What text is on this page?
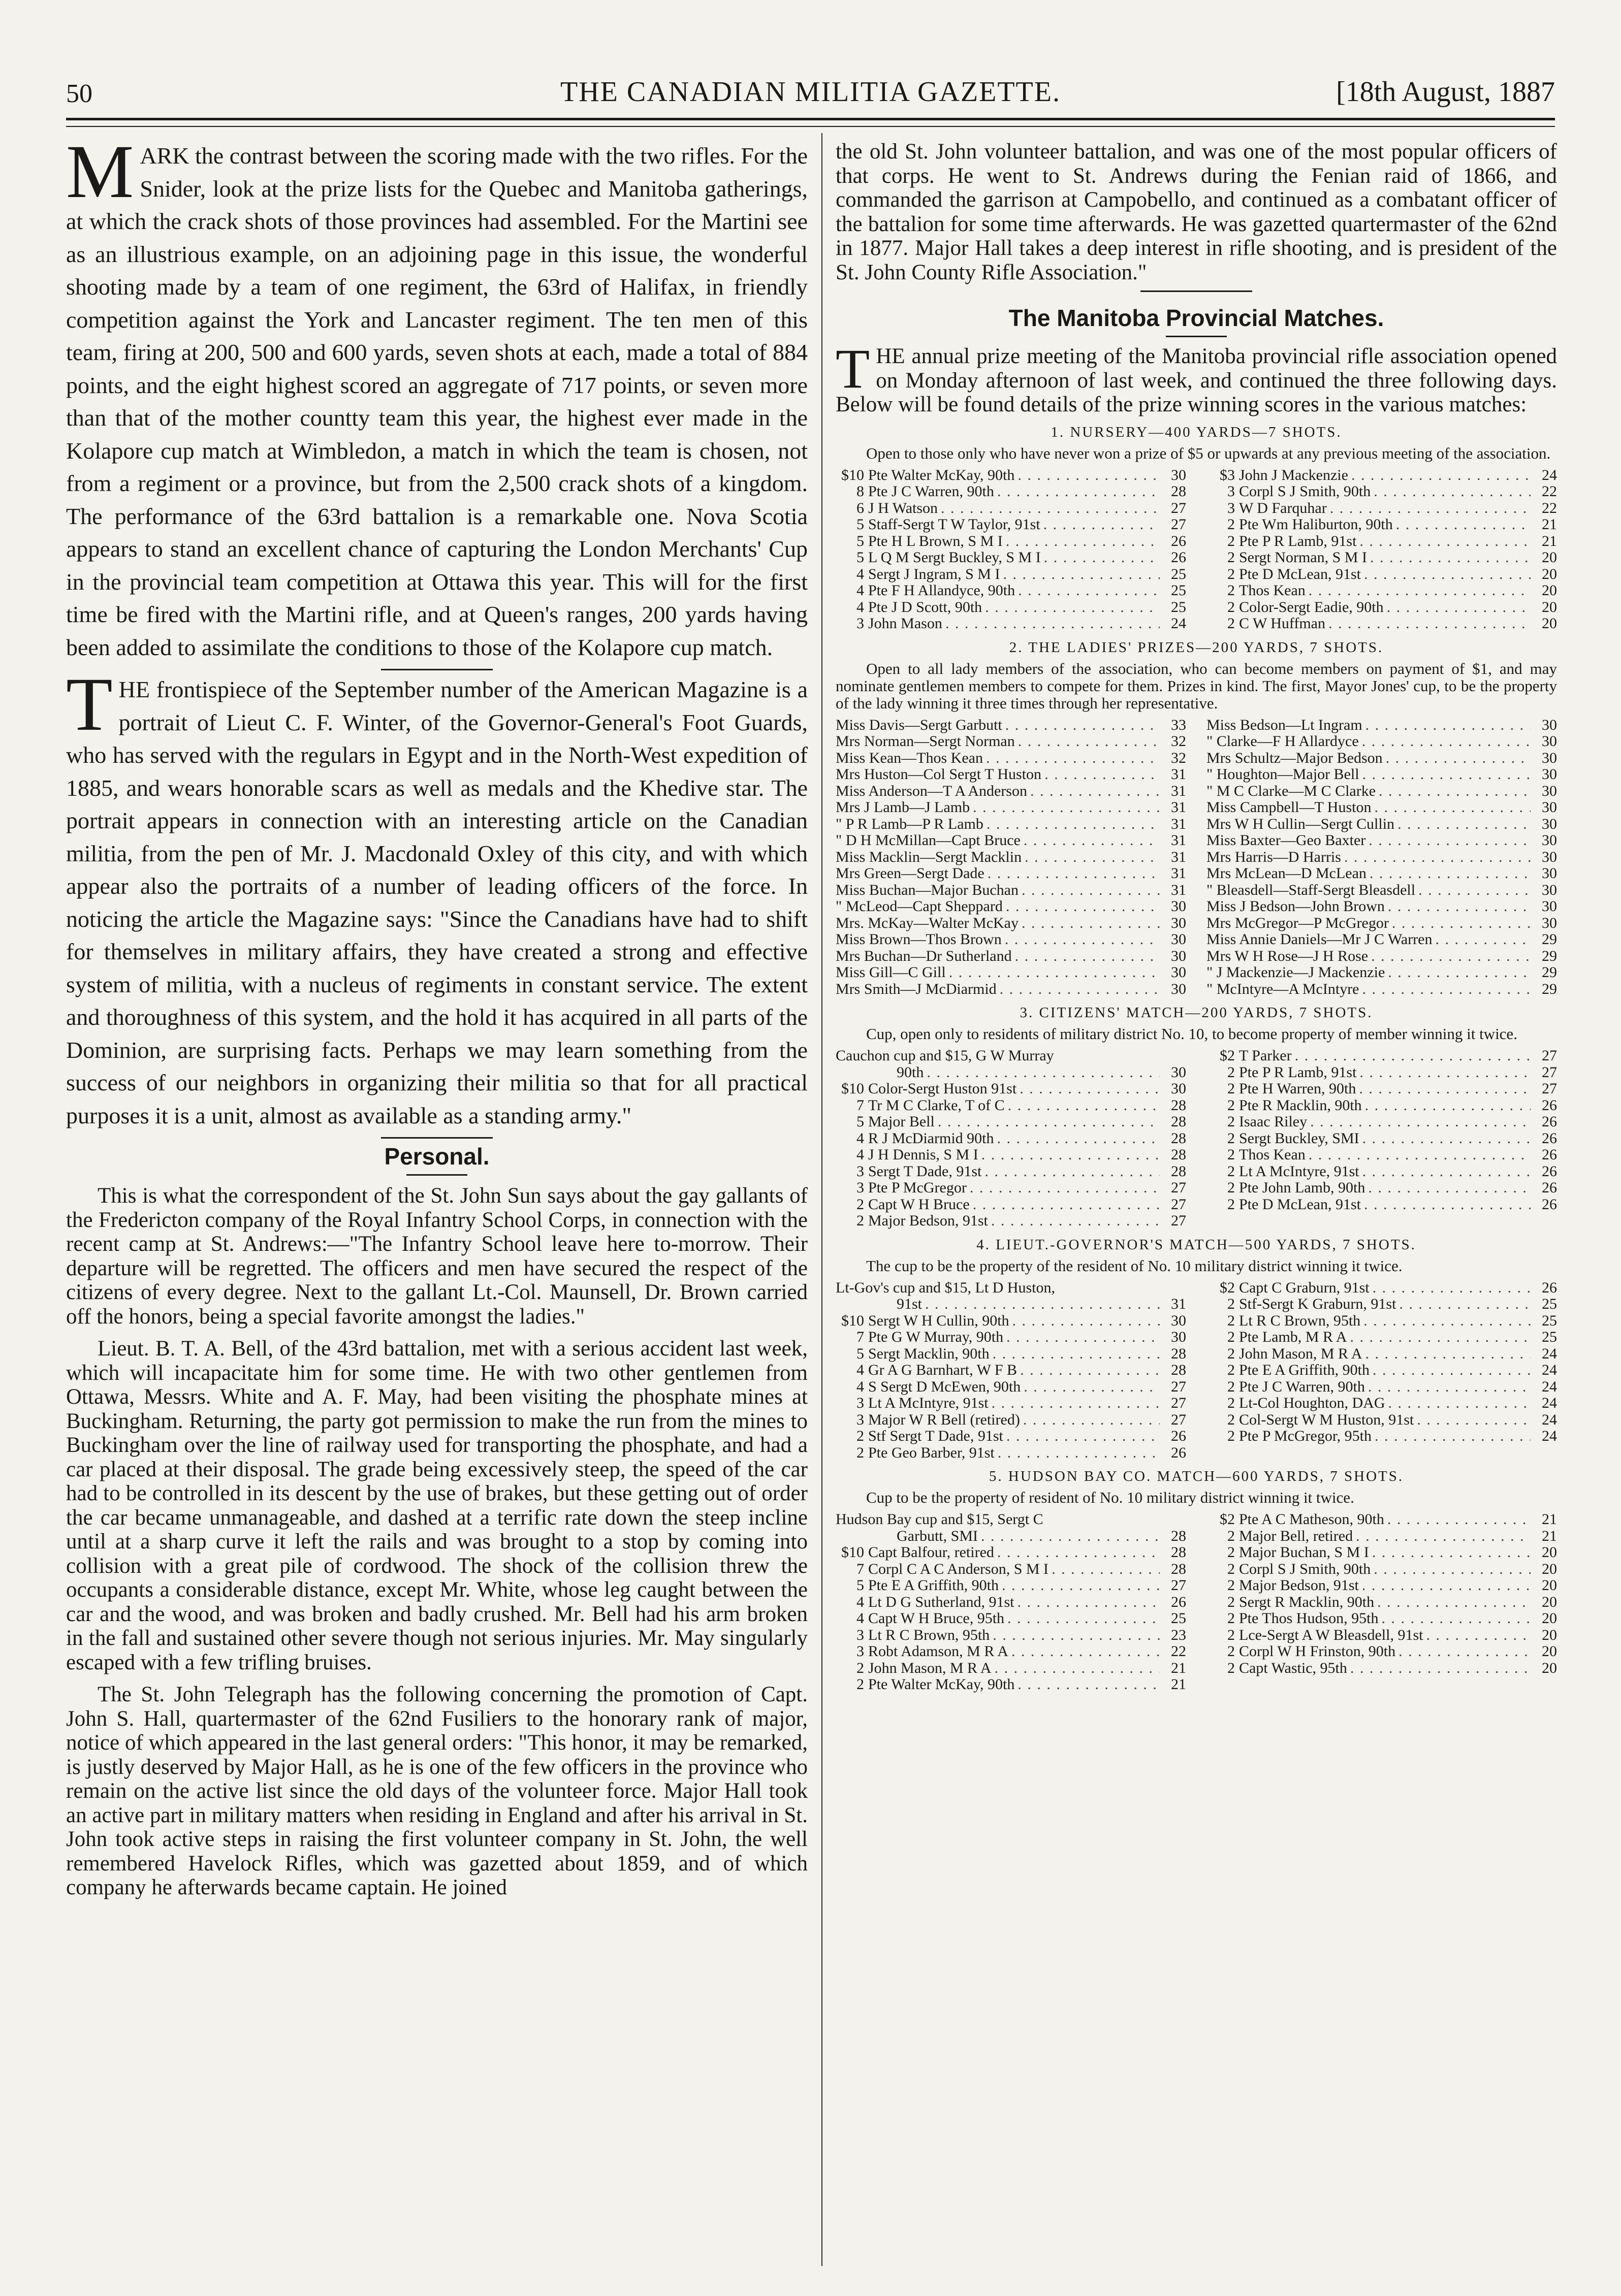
50	THE CANADIAN MILITIA GAZETTE.	[18th August, 1887

MARK the contrast between the scoring made with the two rifles. For the Snider, look at the prize lists for the Quebec and Manitoba gatherings, at which the crack shots of those provinces had assembled. For the Martini see as an illustrious example, on an adjoining page in this issue, the wonderful shooting made by a team of one regiment, the 63rd of Halifax, in friendly competition against the York and Lancaster regiment. The ten men of this team, firing at 200, 500 and 600 yards, seven shots at each, made a total of 884 points, and the eight highest scored an aggregate of 717 points, or seven more than that of the mother countty team this year, the highest ever made in the Kolapore cup match at Wimbledon, a match in which the team is chosen, not from a regiment or a province, but from the 2,500 crack shots of a kingdom. The performance of the 63rd battalion is a remarkable one. Nova Scotia appears to stand an excellent chance of capturing the London Merchants' Cup in the provincial team competition at Ottawa this year. This will for the first time be fired with the Martini rifle, and at Queen's ranges, 200 yards having been added to assimilate the conditions to those of the Kolapore cup match.

THE frontispiece of the September number of the American Magazine is a portrait of Lieut C. F. Winter, of the Governor-General's Foot Guards, who has served with the regulars in Egypt and in the North-West expedition of 1885, and wears honorable scars as well as medals and the Khedive star. The portrait appears in connection with an interesting article on the Canadian militia, from the pen of Mr. J. Macdonald Oxley of this city, and with which appear also the portraits of a number of leading officers of the force. In noticing the article the Magazine says: "Since the Canadians have had to shift for themselves in military affairs, they have created a strong and effective system of militia, with a nucleus of regiments in constant service. The extent and thoroughness of this system, and the hold it has acquired in all parts of the Dominion, are surprising facts. Perhaps we may learn something from the success of our neighbors in organizing their militia so that for all practical purposes it is a unit, almost as available as a standing army."

Personal.

This is what the correspondent of the St. John Sun says about the gay gallants of the Fredericton company of the Royal Infantry School Corps, in connection with the recent camp at St. Andrews:—"The Infantry School leave here to-morrow. Their departure will be regretted. The officers and men have secured the respect of the citizens of every degree. Next to the gallant Lt.-Col. Maunsell, Dr. Brown carried off the honors, being a special favorite amongst the ladies."

Lieut. B. T. A. Bell, of the 43rd battalion, met with a serious accident last week, which will incapacitate him for some time. He with two other gentlemen from Ottawa, Messrs. White and A. F. May, had been visiting the phosphate mines at Buckingham. Returning, the party got permission to make the run from the mines to Buckingham over the line of railway used for transporting the phosphate, and had a car placed at their disposal. The grade being excessively steep, the speed of the car had to be controlled in its descent by the use of brakes, but these getting out of order the car became unmanageable, and dashed at a terrific rate down the steep incline until at a sharp curve it left the rails and was brought to a stop by coming into collision with a great pile of cordwood. The shock of the collision threw the occupants a considerable distance, except Mr. White, whose leg caught between the car and the wood, and was broken and badly crushed. Mr. Bell had his arm broken in the fall and sustained other severe though not serious injuries. Mr. May singularly escaped with a few trifling bruises.

The St. John Telegraph has the following concerning the promotion of Capt. John S. Hall, quartermaster of the 62nd Fusiliers to the honorary rank of major, notice of which appeared in the last general orders: "This honor, it may be remarked, is justly deserved by Major Hall, as he is one of the few officers in the province who remain on the active list since the old days of the volunteer force. Major Hall took an active part in military matters when residing in England and after his arrival in St. John took active steps in raising the first volunteer company in St. John, the well remembered Havelock Rifles, which was gazetted about 1859, and of which company he afterwards became captain. He joined

the old St. John volunteer battalion, and was one of the most popular officers of that corps. He went to St. Andrews during the Fenian raid of 1866, and commanded the garrison at Campobello, and continued as a combatant officer of the battalion for some time afterwards. He was gazetted quartermaster of the 62nd in 1877. Major Hall takes a deep interest in rifle shooting, and is president of the St. John County Rifle Association."

The Manitoba Provincial Matches.

THE annual prize meeting of the Manitoba provincial rifle association opened on Monday afternoon of last week, and continued the three following days. Below will be found details of the prize winning scores in the various matches:

1. NURSERY—400 YARDS—7 SHOTS.

Open to those only who have never won a prize of $5 or upwards at any previous meeting of the association.

$10 Pte Walter McKay, 90th . . .	30
8 Pte J C Warren, 90th . . .	28
6 J H Watson . . .	27
5 Staff-Sergt T W Taylor, 91st . . .	27
5 Pte H L Brown, S M I . . .	26
5 L Q M Sergt Buckley, S M I . . .	26
4 Sergt J Ingram, S M I . . .	25
4 Pte F H Allandyce, 90th . . .	25
4 Pte J D Scott, 90th . . .	25
3 John Mason . . .	24
$3 John J Mackenzie . . .	24
3 Corpl S J Smith, 90th . . .	22
3 W D Farquhar . . .	22
2 Pte Wm Haliburton, 90th . . .	21
2 Pte P R Lamb, 91st . . .	21
2 Sergt Norman, S M I . . .	20
2 Pte D McLean, 91st . . .	20
2 Thos Kean . . .	20
2 Color-Sergt Eadie, 90th . . .	20
2 C W Huffman . . .	20
2. THE LADIES' PRIZES—200 YARDS, 7 SHOTS.

Open to all lady members of the association, who can become members on payment of $1, and may nominate gentlemen members to compete for them. Prizes in kind. The first, Mayor Jones' cup, to be the property of the lady winning it three times through her representative.

Miss Davis—Sergt Garbutt . . .	33
Mrs Norman—Sergt Norman . . .	32
Miss Kean—Thos Kean . . .	32
Mrs Huston—Col Sergt T Huston . . .	31
Miss Anderson—T A Anderson . . .	31
Mrs J Lamb—J Lamb . . .	31
" P R Lamb—P R Lamb . . .	31
" D H McMillan—Capt Bruce . . .	31
Miss Macklin—Sergt Macklin . . .	31
Mrs Green—Sergt Dade . . .	31
Miss Buchan—Major Buchan . . .	31
" McLeod—Capt Sheppard . . .	30
Mrs. McKay—Walter McKay . . .	30
Miss Brown—Thos Brown . . .	30
Mrs Buchan—Dr Sutherland . . .	30
Miss Gill—C Gill . . .	30
Mrs Smith—J McDiarmid . . .	30
Miss Bedson—Lt Ingram . . .	30
" Clarke—F H Allardyce . . .	30
Mrs Schultz—Major Bedson . . .	30
" Houghton—Major Bell . . .	30
" M C Clarke—M C Clarke . . .	30
Miss Campbell—T Huston . . .	30
Mrs W H Cullin—Sergt Cullin . . .	30
Miss Baxter—Geo Baxter . . .	30
Mrs Harris—D Harris . . .	30
Mrs McLean—D McLean . . .	30
" Bleasdell—Staff-Sergt Bleasdell . . .	30
Miss J Bedson—John Brown . . .	30
Mrs McGregor—P McGregor . . .	30
Miss Annie Daniels—Mr J C Warren . . .	29
Mrs W H Rose—J H Rose . . .	29
" J Mackenzie—J Mackenzie . . .	29
" McIntyre—A McIntyre . . .	29
3. CITIZENS' MATCH—200 YARDS, 7 SHOTS.

Cup, open only to residents of military district No. 10, to become property of member winning it twice.

Cauchon cup and $15, G W Murray
90th . . .	30
$10 Color-Sergt Huston 91st . . .	30
7 Tr M C Clarke, T of C . . .	28
5 Major Bell . . .	28
4 R J McDiarmid 90th . . .	28
4 J H Dennis, S M I . . .	28
3 Sergt T Dade, 91st . . .	28
3 Pte P McGregor . . .	27
2 Capt W H Bruce . . .	27
2 Major Bedson, 91st . . .	27
$2 T Parker . . .	27
2 Pte P R Lamb, 91st . . .	27
2 Pte H Warren, 90th . . .	27
2 Pte R Macklin, 90th . . .	26
2 Isaac Riley . . .	26
2 Sergt Buckley, SMI . . .	26
2 Thos Kean . . .	26
2 Lt A McIntyre, 91st . . .	26
2 Pte John Lamb, 90th . . .	26
2 Pte D McLean, 91st . . .	26
4. LIEUT.-GOVERNOR'S MATCH—500 YARDS, 7 SHOTS.

The cup to be the property of the resident of No. 10 military district winning it twice.

Lt-Gov's cup and $15, Lt D Huston,
91st . . .	31
$10 Sergt W H Cullin, 90th . . .	30
7 Pte G W Murray, 90th . . .	30
5 Sergt Macklin, 90th . . .	28
4 Gr A G Barnhart, W F B . . .	28
4 S Sergt D McEwen, 90th . . .	27
3 Lt A McIntyre, 91st . . .	27
3 Major W R Bell (retired) . . .	27
2 Stf Sergt T Dade, 91st . . .	26
2 Pte Geo Barber, 91st . . .	26
$2 Capt C Graburn, 91st . . .	26
2 Stf-Sergt K Graburn, 91st . . .	25
2 Lt R C Brown, 95th . . .	25
2 Pte Lamb, M R A . . .	25
2 John Mason, M R A . . .	24
2 Pte E A Griffith, 90th . . .	24
2 Pte J C Warren, 90th . . .	24
2 Lt-Col Houghton, DAG . . .	24
2 Col-Sergt W M Huston, 91st . . .	24
2 Pte P McGregor, 95th . . .	24
5. HUDSON BAY CO. MATCH—600 YARDS, 7 SHOTS.

Cup to be the property of resident of No. 10 military district winning it twice.

Hudson Bay cup and $15, Sergt C
Garbutt, SMI . . .	28
$10 Capt Balfour, retired . . .	28
7 Corpl C A C Anderson, S M I . . .	28
5 Pte E A Griffith, 90th . . .	27
4 Lt D G Sutherland, 91st . . .	26
4 Capt W H Bruce, 95th . . .	25
3 Lt R C Brown, 95th . . .	23
3 Robt Adamson, M R A . . .	22
2 John Mason, M R A . . .	21
2 Pte Walter McKay, 90th . . .	21
$2 Pte A C Matheson, 90th . . .	21
2 Major Bell, retired . . .	21
2 Major Buchan, S M I . . .	20
2 Corpl S J Smith, 90th . . .	20
2 Major Bedson, 91st . . .	20
2 Sergt R Macklin, 90th . . .	20
2 Pte Thos Hudson, 95th . . .	20
2 Lce-Sergt A W Bleasdell, 91st . . .	20
2 Corpl W H Frinston, 90th . . .	20
2 Capt Wastic, 95th . . .	20
